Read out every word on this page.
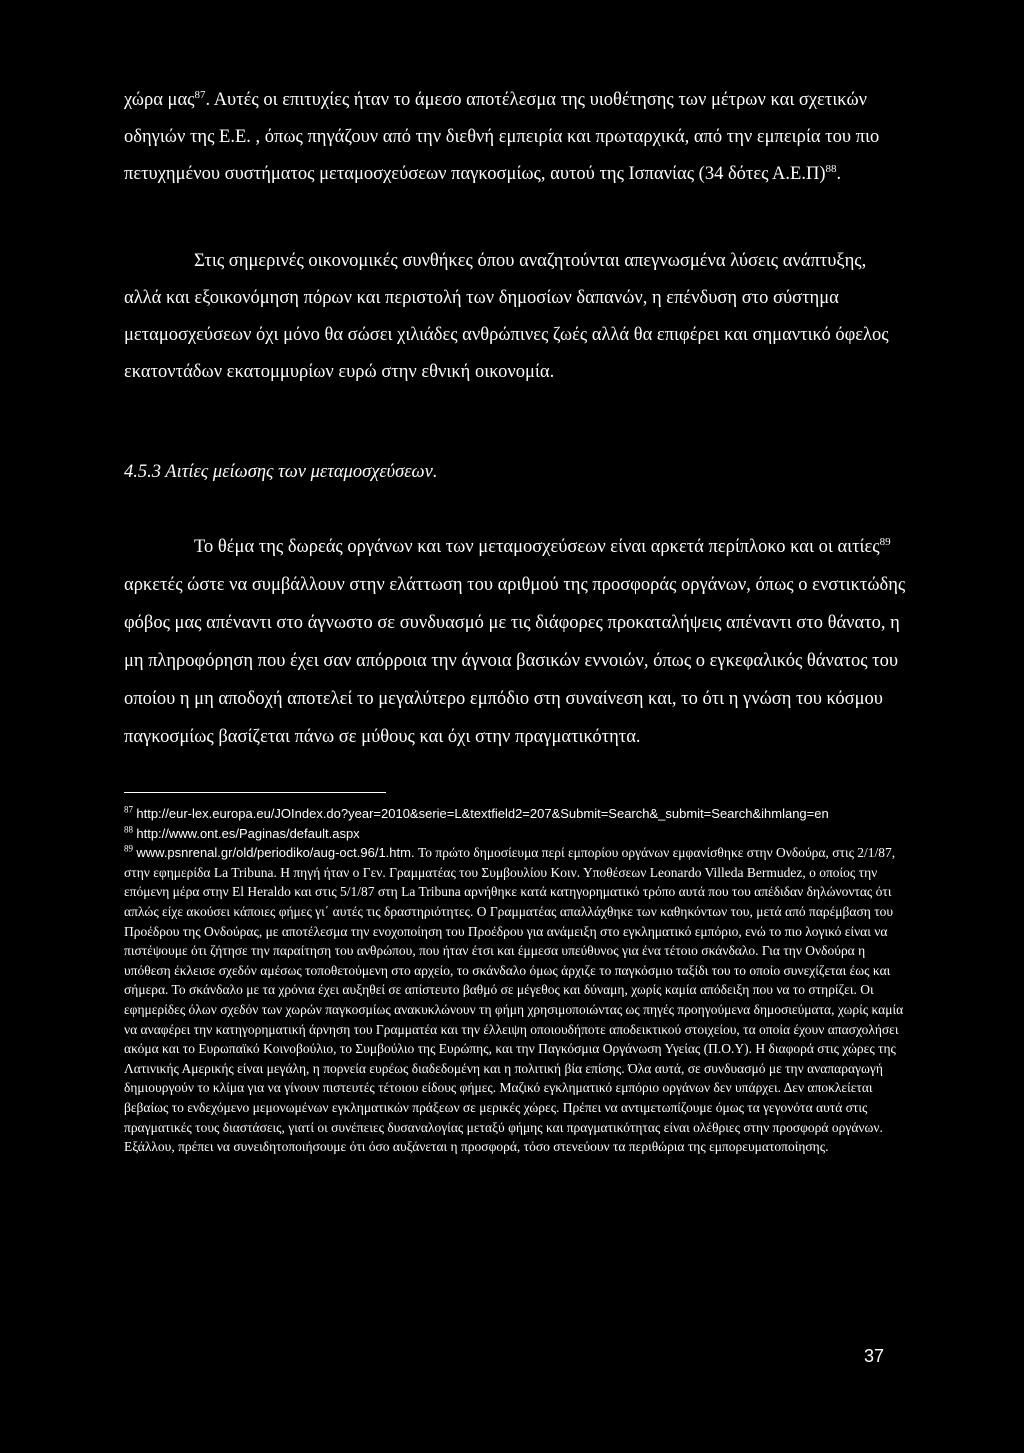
χώρα μας$^{87}$. Αυτές οι επιτυχίες ήταν το άμεσο αποτέλεσμα της υιοθέτησης των μέτρων και σχετικών οδηγιών της Ε.Ε. , όπως πηγάζουν από την διεθνή εμπειρία και πρωταρχικά, από την εμπειρία του πιο πετυχημένου συστήματος μεταμοσχεύσεων παγκοσμίως, αυτού της Ισπανίας (34 δότες Α.Ε.Π)$^{88}$.

Στις σημερινές οικονομικές συνθήκες όπου αναζητούνται απεγνωσμένα λύσεις ανάπτυξης, αλλά και εξοικονόμηση πόρων και περιστολή των δημοσίων δαπανών, η επένδυση στο σύστημα μεταμοσχεύσεων όχι μόνο θα σώσει χιλιάδες ανθρώπινες ζωές αλλά θα επιφέρει και σημαντικό όφελος εκατοντάδων εκατομμυρίων ευρώ στην εθνική οικονομία.

4.5.3 Αιτίες μείωσης των μεταμοσχεύσεων.

Το θέμα της δωρεάς οργάνων και των μεταμοσχεύσεων είναι αρκετά περίπλοκο και οι αιτίες$^{89}$ αρκετές ώστε να συμβάλλουν στην ελάττωση του αριθμού της προσφοράς οργάνων, όπως ο ενστικτώδης φόβος μας απέναντι στο άγνωστο σε συνδυασμό με τις διάφορες προκαταλήψεις απέναντι στο θάνατο, η μη πληροφόρηση που έχει σαν απόρροια την άγνοια βασικών εννοιών, όπως ο εγκεφαλικός θάνατος του οποίου η μη αποδοχή αποτελεί το μεγαλύτερο εμπόδιο στη συναίνεση και, το ότι η γνώση του κόσμου παγκοσμίως βασίζεται πάνω σε μύθους και όχι στην πραγματικότητα.

$^{87}$ http://eur-lex.europa.eu/JOIndex.do?year=2010&serie=L&textfield2=207&Submit=Search&_submit=Search&ihmlang=en

$^{88}$ http://www.ont.es/Paginas/default.aspx

$^{89}$ www.psnrenal.gr/old/periodiko/aug-oct.96/1.htm. Το πρώτο δημοσίευμα περί εμπορίου οργάνων εμφανίσθηκε στην Ονδούρα, στις 2/1/87, στην εφημερίδα La Tribuna. Η πηγή ήταν ο Γεν. Γραμματέας του Συμβουλίου Κοιν. Υποθέσεων Leonardo Villeda Bermudez, ο οποίος την επόμενη μέρα στην El Heraldo και στις 5/1/87 στη La Tribuna αρνήθηκε κατά κατηγορηματικό τρόπο αυτά που του απέδιδαν δηλώνοντας ότι απλώς είχε ακούσει κάποιες φήμες γι΄ αυτές τις δραστηριότητες. Ο Γραμματέας απαλλάχθηκε των καθηκόντων του, μετά από παρέμβαση του Προέδρου της Ονδούρας, με αποτέλεσμα την ενοχοποίηση του Προέδρου για ανάμειξη στο εγκληματικό εμπόριο, ενώ το πιο λογικό είναι να πιστέψουμε ότι ζήτησε την παραίτηση του ανθρώπου, που ήταν έτσι και έμμεσα υπεύθυνος για ένα τέτοιο σκάνδαλο. Για την Ονδούρα η υπόθεση έκλεισε σχεδόν αμέσως τοποθετούμενη στο αρχείο, το σκάνδαλο όμως άρχιζε το παγκόσμιο ταξίδι του το οποίο συνεχίζεται έως και σήμερα. Το σκάνδαλο με τα χρόνια έχει αυξηθεί σε απίστευτο βαθμό σε μέγεθος και δύναμη, χωρίς καμία απόδειξη που να το στηρίζει. Οι εφημερίδες όλων σχεδόν των χωρών παγκοσμίως ανακυκλώνουν τη φήμη χρησιμοποιώντας ως πηγές προηγούμενα δημοσιεύματα, χωρίς καμία να αναφέρει την κατηγορηματική άρνηση του Γραμματέα και την έλλειψη οποιουδήποτε αποδεικτικού στοιχείου, τα οποία έχουν απασχολήσει ακόμα και το Ευρωπαϊκό Κοινοβούλιο, το Συμβούλιο της Ευρώπης, και την Παγκόσμια Οργάνωση Υγείας (Π.Ο.Υ). Η διαφορά στις χώρες της Λατινικής Αμερικής είναι μεγάλη, η πορνεία ευρέως διαδεδομένη και η πολιτική βία επίσης. Όλα αυτά, σε συνδυασμό με την αναπαραγωγή δημιουργούν το κλίμα για να γίνουν πιστευτές τέτοιου είδους φήμες. Μαζικό εγκληματικό εμπόριο οργάνων δεν υπάρχει. Δεν αποκλείεται βεβαίως το ενδεχόμενο μεμονωμένων εγκληματικών πράξεων σε μερικές χώρες. Πρέπει να αντιμετωπίζουμε όμως τα γεγονότα αυτά στις πραγματικές τους διαστάσεις, γιατί οι συνέπειες δυσαναλογίας μεταξύ φήμης και πραγματικότητας είναι ολέθριες στην προσφορά οργάνων. Εξάλλου, πρέπει να συνειδητοποιήσουμε ότι όσο αυξάνεται η προσφορά, τόσο στενεύουν τα περιθώρια της εμπορευματοποίησης.

37
